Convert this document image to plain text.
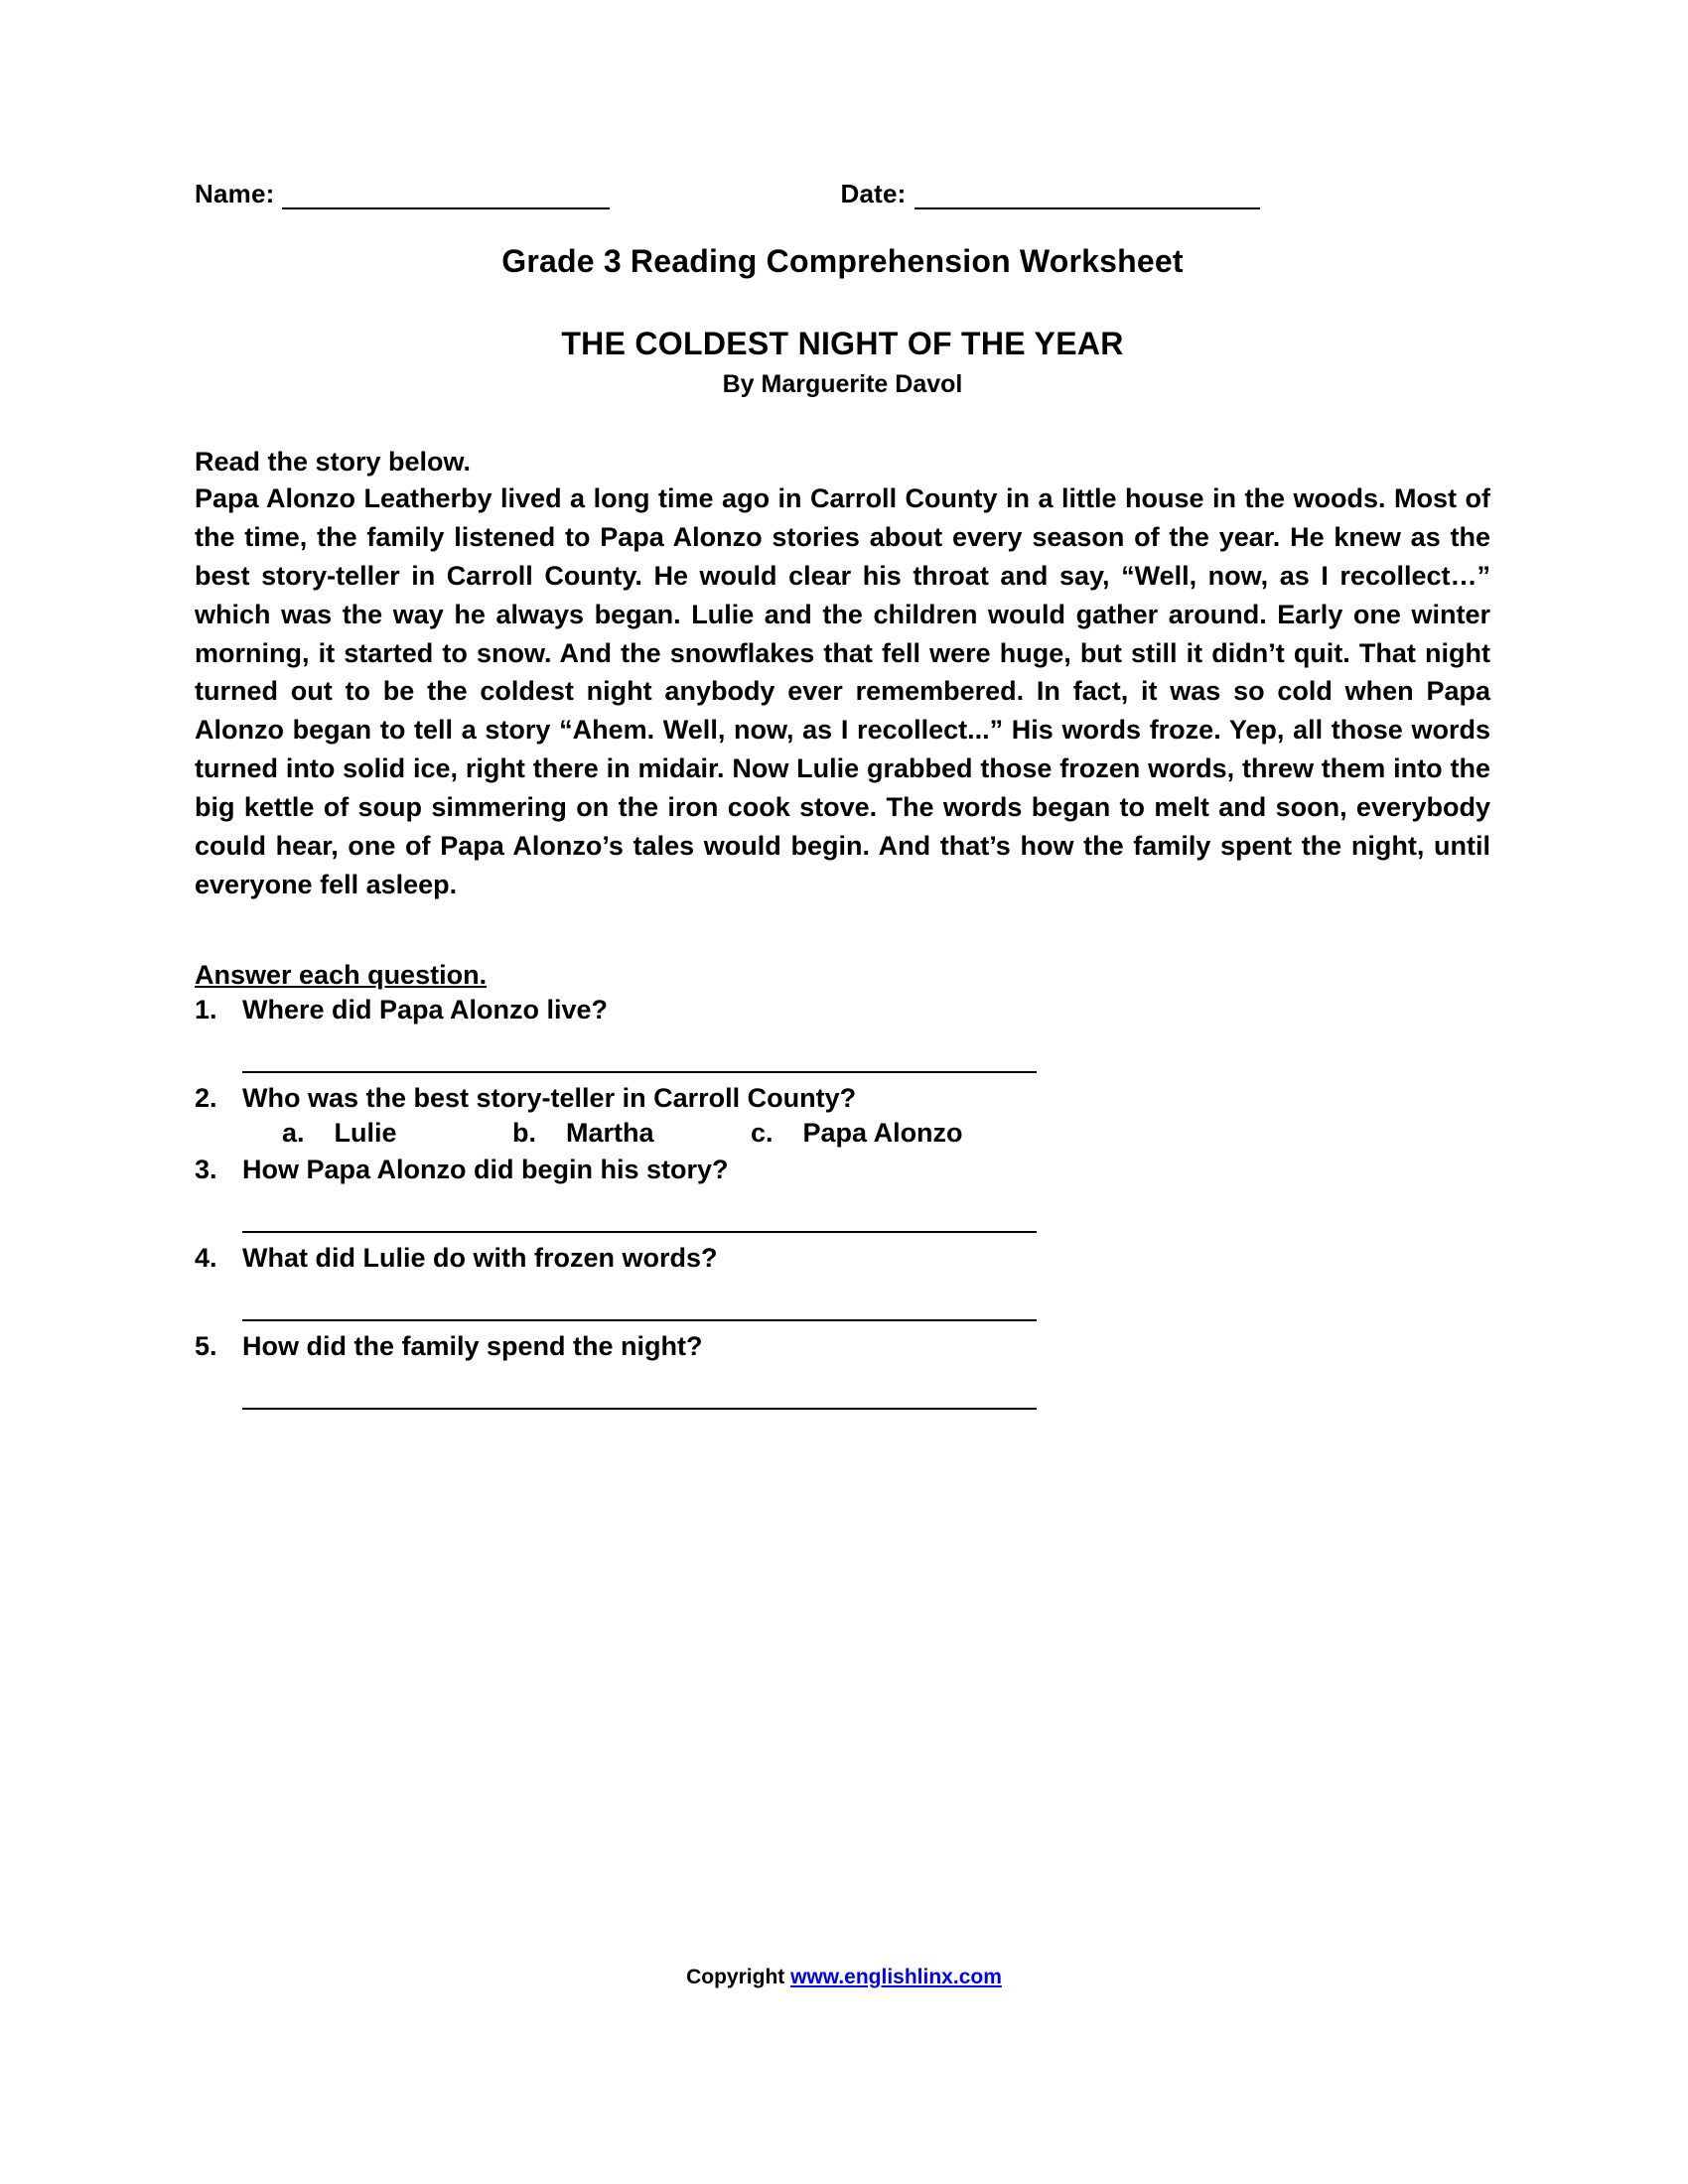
Name:	Date:
Grade 3 Reading Comprehension Worksheet
THE COLDEST NIGHT OF THE YEAR
By Marguerite Davol
Read the story below.

Papa Alonzo Leatherby lived a long time ago in Carroll County in a little house in the woods. Most of the time, the family listened to Papa Alonzo stories about every season of the year. He knew as the best story-teller in Carroll County. He would clear his throat and say, “Well, now, as I recollect…” which was the way he always began. Lulie and the children would gather around. Early one winter morning, it started to snow. And the snowflakes that fell were huge, but still it didn’t quit. That night turned out to be the coldest night anybody ever remembered. In fact, it was so cold when Papa Alonzo began to tell a story “Ahem. Well, now, as I recollect...” His words froze. Yep, all those words turned into solid ice, right there in midair. Now Lulie grabbed those frozen words, threw them into the big kettle of soup simmering on the iron cook stove. The words began to melt and soon, everybody could hear, one of Papa Alonzo’s tales would begin. And that’s how the family spent the night, until everyone fell asleep.

Answer each question.
1. Where did Papa Alonzo live?
2. Who was the best story-teller in Carroll County?
a. Lulie	b. Martha	c. Papa Alonzo
3. How Papa Alonzo did begin his story?
4. What did Lulie do with frozen words?
5. How did the family spend the night?
Copyright www.englishlinx.com
